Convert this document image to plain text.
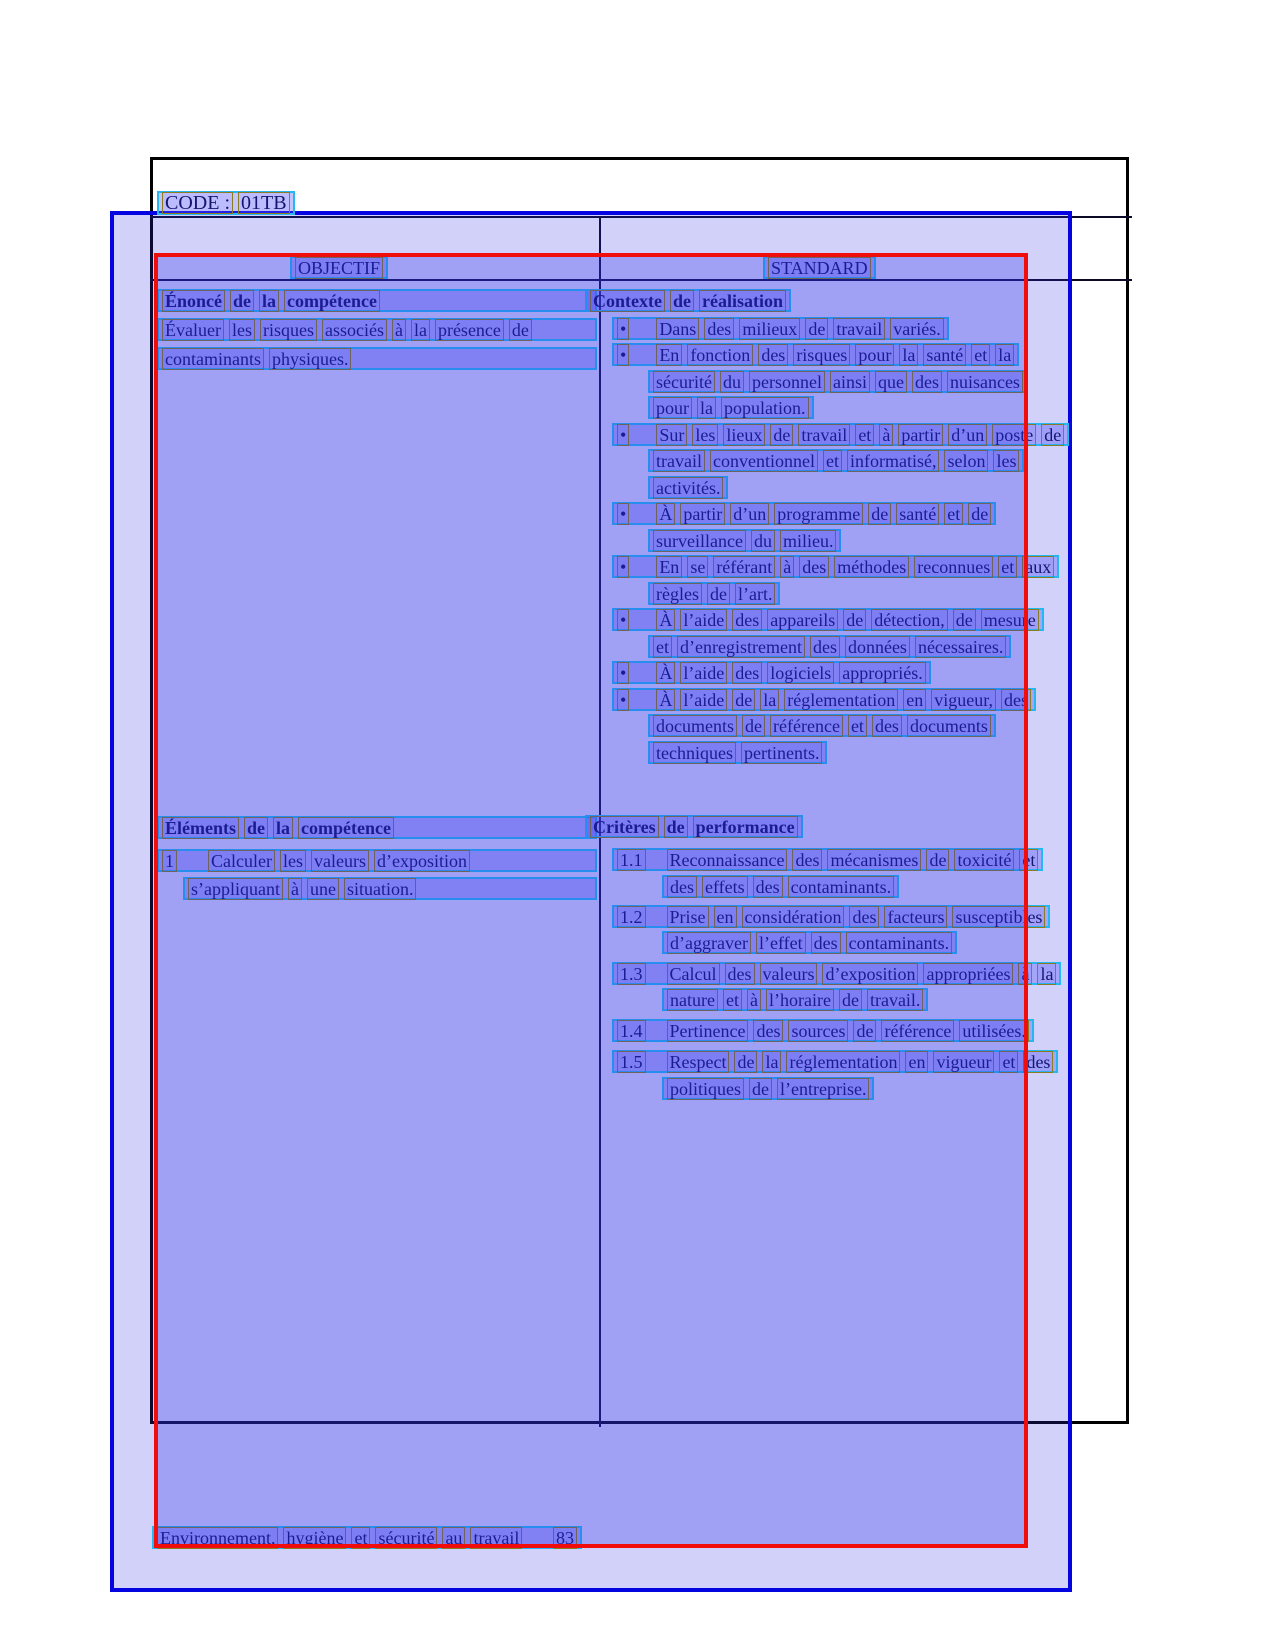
CODE : 01TB
OBJECTIF	STANDARD
Énoncé de la compétence
Évaluer les risques associés à la présence de
contaminants physiques.
Éléments de la compétence
1 Calculer les valeurs d’exposition
s’appliquant à une situation.
Contexte de réalisation
Critères de performance
Environnement, hygiène et sécurité au travail 83
• Dans des milieux de travail variés.
• En fonction des risques pour la santé et la
sécurité du personnel ainsi que des nuisances
pour la population.
• Sur les lieux de travail et à partir d’un poste de
travail conventionnel et informatisé, selon les
activités.
• À partir d’un programme de santé et de
surveillance du milieu.
• En se référant à des méthodes reconnues et aux
règles de l’art.
• À l’aide des appareils de détection, de mesure
et d’enregistrement des données nécessaires.
• À l’aide des logiciels appropriés.
• À l’aide de la réglementation en vigueur, des
documents de référence et des documents
techniques pertinents.
1.1 Reconnaissance des mécanismes de toxicité et
des effets des contaminants.
1.2 Prise en considération des facteurs susceptibles
d’aggraver l’effet des contaminants.
1.3 Calcul des valeurs d’exposition appropriées à la
nature et à l’horaire de travail.
1.4 Pertinence des sources de référence utilisées.
1.5 Respect de la réglementation en vigueur et des
politiques de l’entreprise.
